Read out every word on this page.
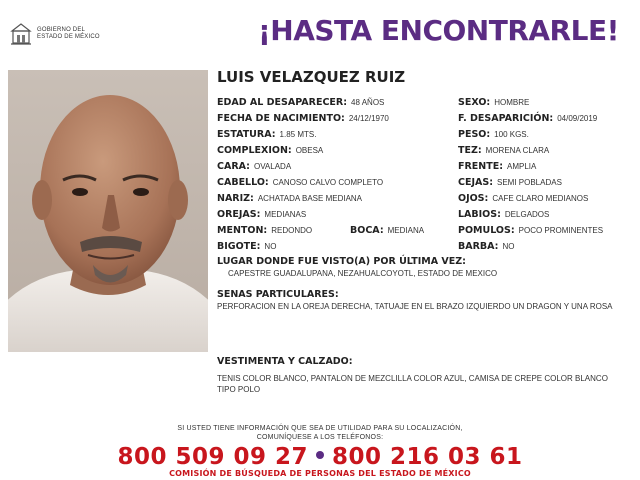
GOBIERNO DEL
ESTADO DE MÉXICO	¡HASTA ENCONTRARLE!
LUIS VELAZQUEZ RUIZ
EDAD AL DESAPARECER: 48 AÑOS
FECHA DE NACIMIENTO: 24/12/1970
ESTATURA: 1.85 MTS.
COMPLEXION: OBESA
CARA: OVALADA
CABELLO: CANOSO CALVO COMPLETO
NARIZ: ACHATADA BASE MEDIANA
OREJAS: MEDIANAS
MENTON: REDONDO	BOCA: MEDIANA
BIGOTE: NO
SEXO: HOMBRE
F. DESAPARICIÓN: 04/09/2019
PESO: 100 KGS.
TEZ: MORENA CLARA
FRENTE: AMPLIA
CEJAS: SEMI POBLADAS
OJOS: CAFE CLARO MEDIANOS
LABIOS: DELGADOS
POMULOS: POCO PROMINENTES
BARBA: NO
LUGAR DONDE FUE VISTO(A) POR ÚLTIMA VEZ:
CAPESTRE GUADALUPANA, NEZAHUALCOYOTL, ESTADO DE MEXICO
SENAS PARTICULARES:
PERFORACION EN LA OREJA DERECHA, TATUAJE EN EL BRAZO IZQUIERDO UN DRAGON Y UNA ROSA
VESTIMENTA Y CALZADO:
TENIS COLOR BLANCO, PANTALON DE MEZCLILLA COLOR AZUL, CAMISA DE CREPE COLOR BLANCO TIPO POLO
SI USTED TIENE INFORMACIÓN QUE SEA DE UTILIDAD PARA SU LOCALIZACIÓN,
COMUNÍQUESE A LOS TELÉFONOS:
800 509 09 27 800 216 03 61
COMISIÓN DE BÚSQUEDA DE PERSONAS DEL ESTADO DE MÉXICO
